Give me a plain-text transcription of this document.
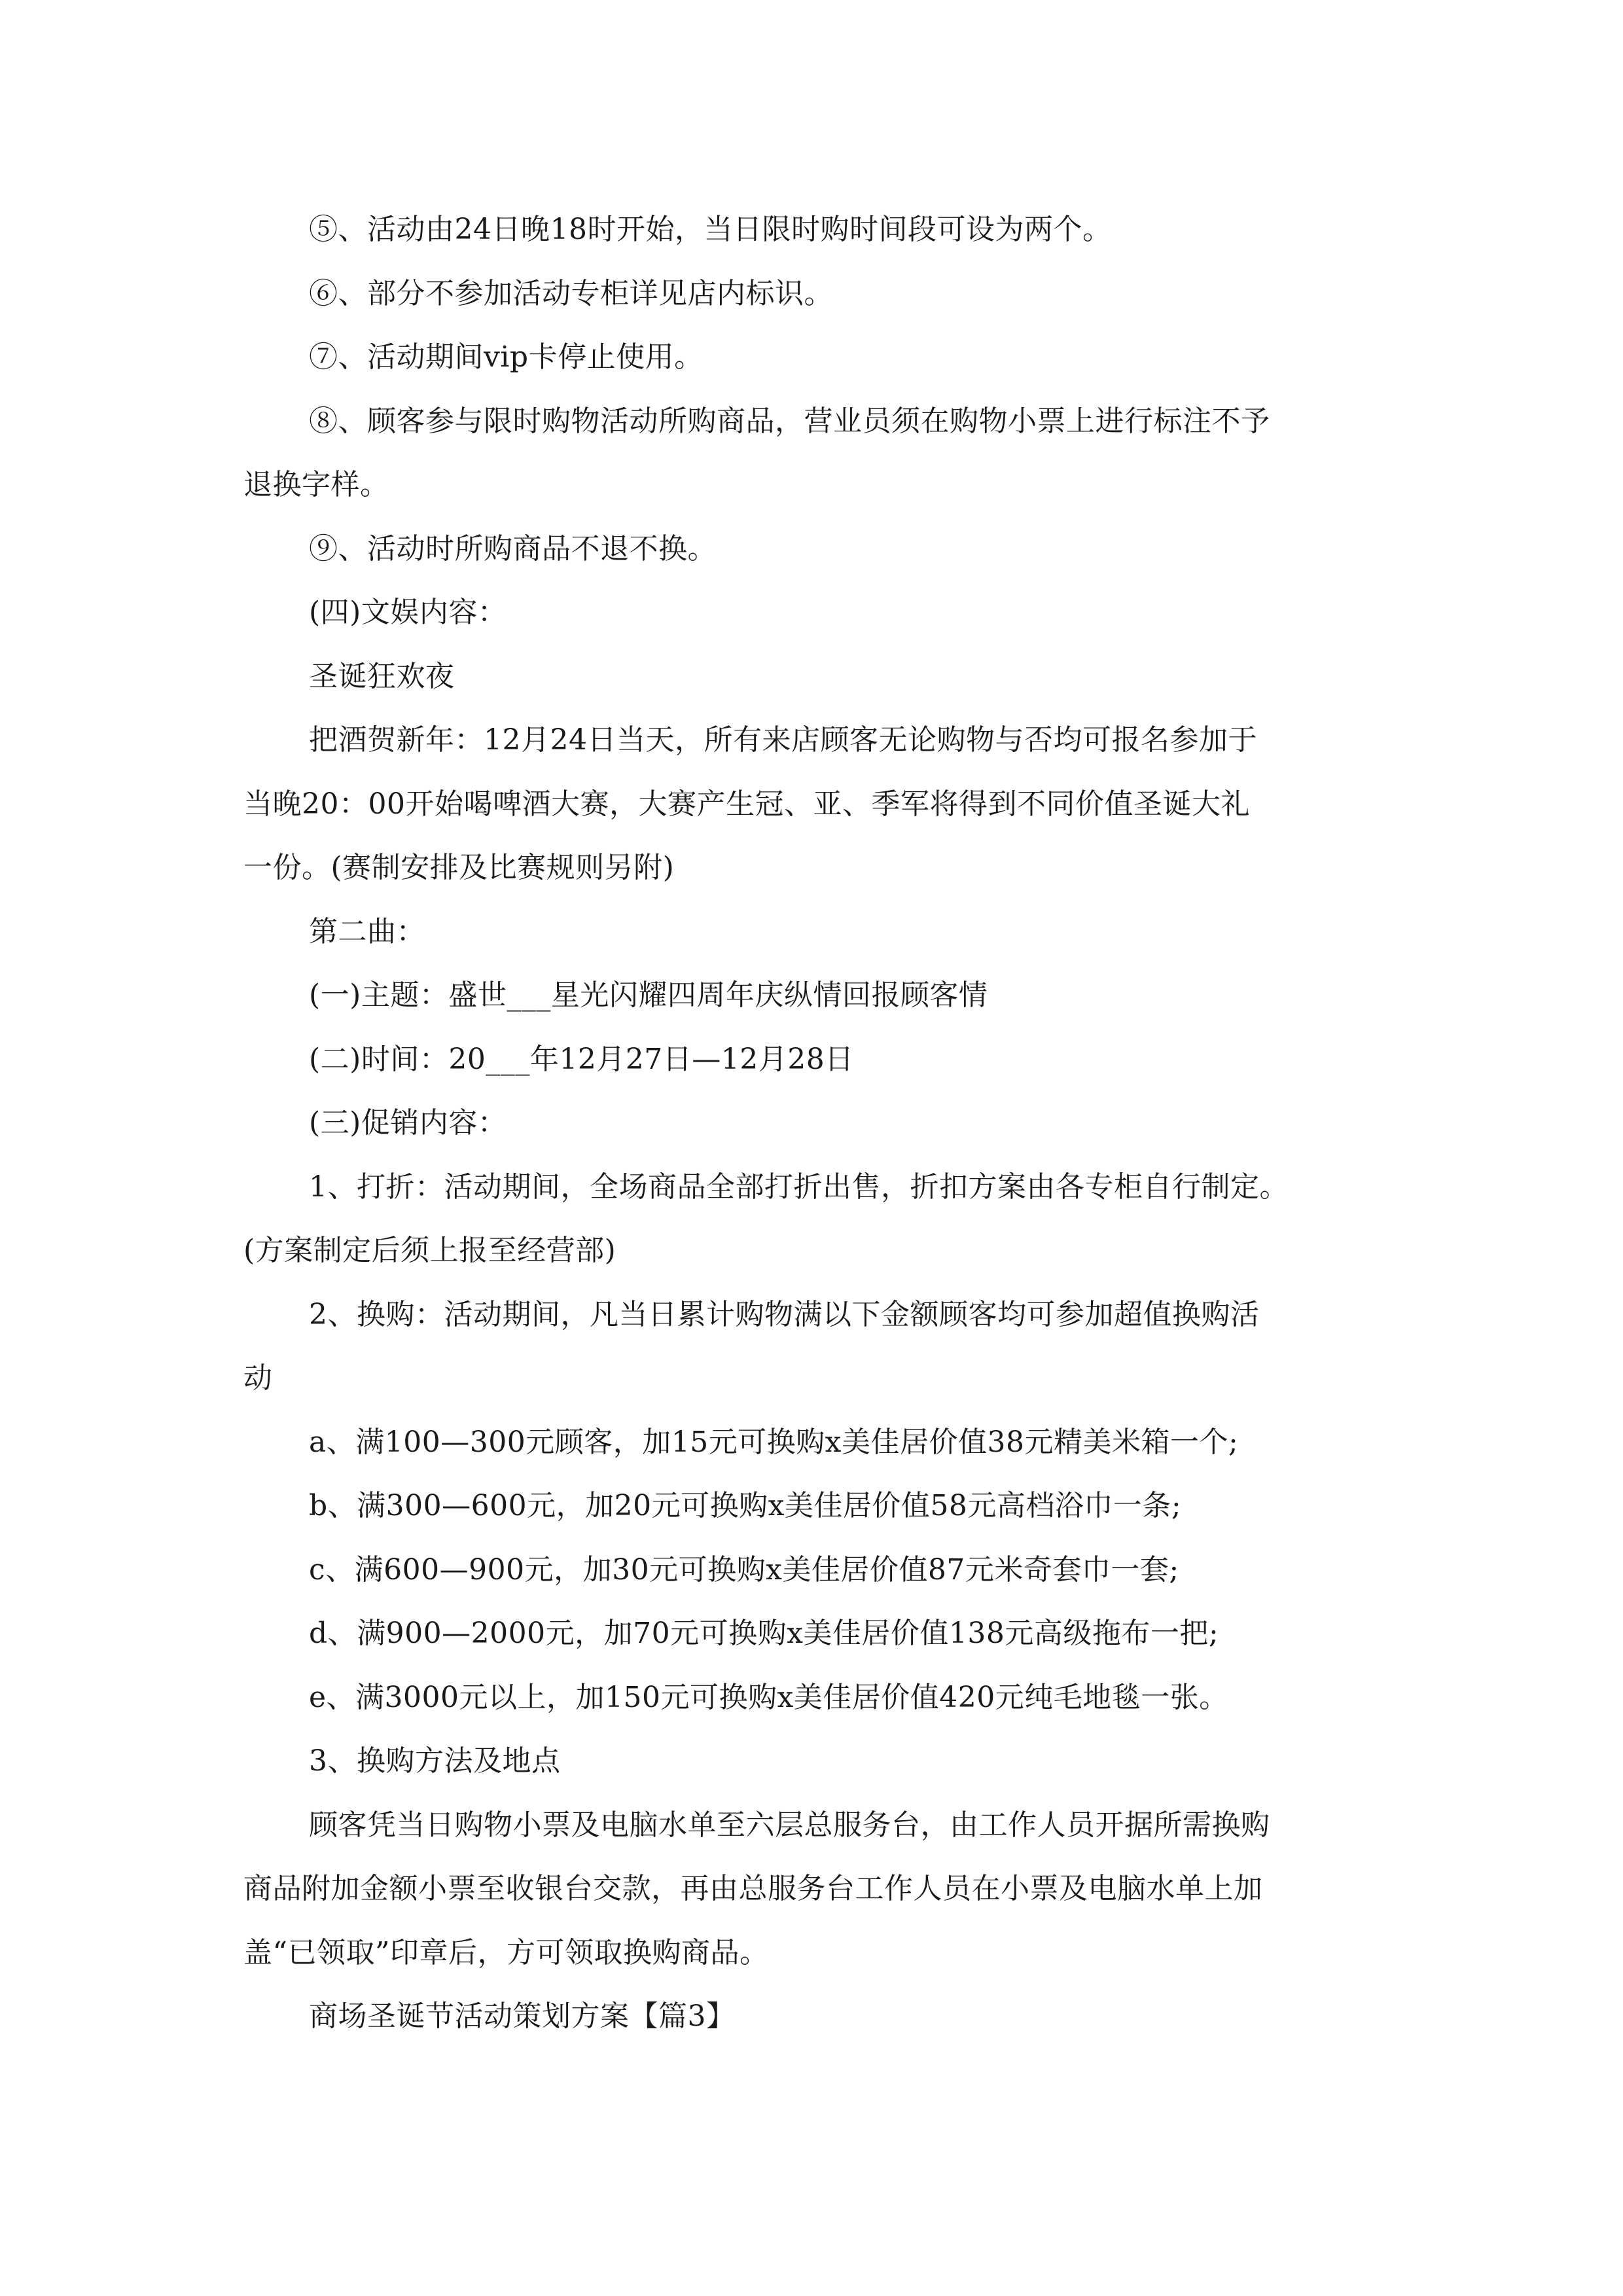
⑤、活动由24日晚18时开始，当日限时购时间段可设为两个。
⑥、部分不参加活动专柜详见店内标识。
⑦、活动期间vip卡停止使用。
⑧、顾客参与限时购物活动所购商品，营业员须在购物小票上进行标注不予
退换字样。
⑨、活动时所购商品不退不换。
(四)文娱内容：
圣诞狂欢夜
把酒贺新年：12月24日当天，所有来店顾客无论购物与否均可报名参加于
当晚20：00开始喝啤酒大赛，大赛产生冠、亚、季军将得到不同价值圣诞大礼
一份。(赛制安排及比赛规则另附)
第二曲：
(一)主题：盛世___星光闪耀四周年庆纵情回报顾客情
(二)时间：20___年12月27日—12月28日
(三)促销内容：
1、打折：活动期间，全场商品全部打折出售，折扣方案由各专柜自行制定。
(方案制定后须上报至经营部)
2、换购：活动期间，凡当日累计购物满以下金额顾客均可参加超值换购活
动
a、满100—300元顾客，加15元可换购x美佳居价值38元精美米箱一个;
b、满300—600元，加20元可换购x美佳居价值58元高档浴巾一条;
c、满600—900元，加30元可换购x美佳居价值87元米奇套巾一套;
d、满900—2000元，加70元可换购x美佳居价值138元高级拖布一把;
e、满3000元以上，加150元可换购x美佳居价值420元纯毛地毯一张。
3、换购方法及地点
顾客凭当日购物小票及电脑水单至六层总服务台，由工作人员开据所需换购
商品附加金额小票至收银台交款，再由总服务台工作人员在小票及电脑水单上加
盖“已领取”印章后，方可领取换购商品。
商场圣诞节活动策划方案【篇3】
